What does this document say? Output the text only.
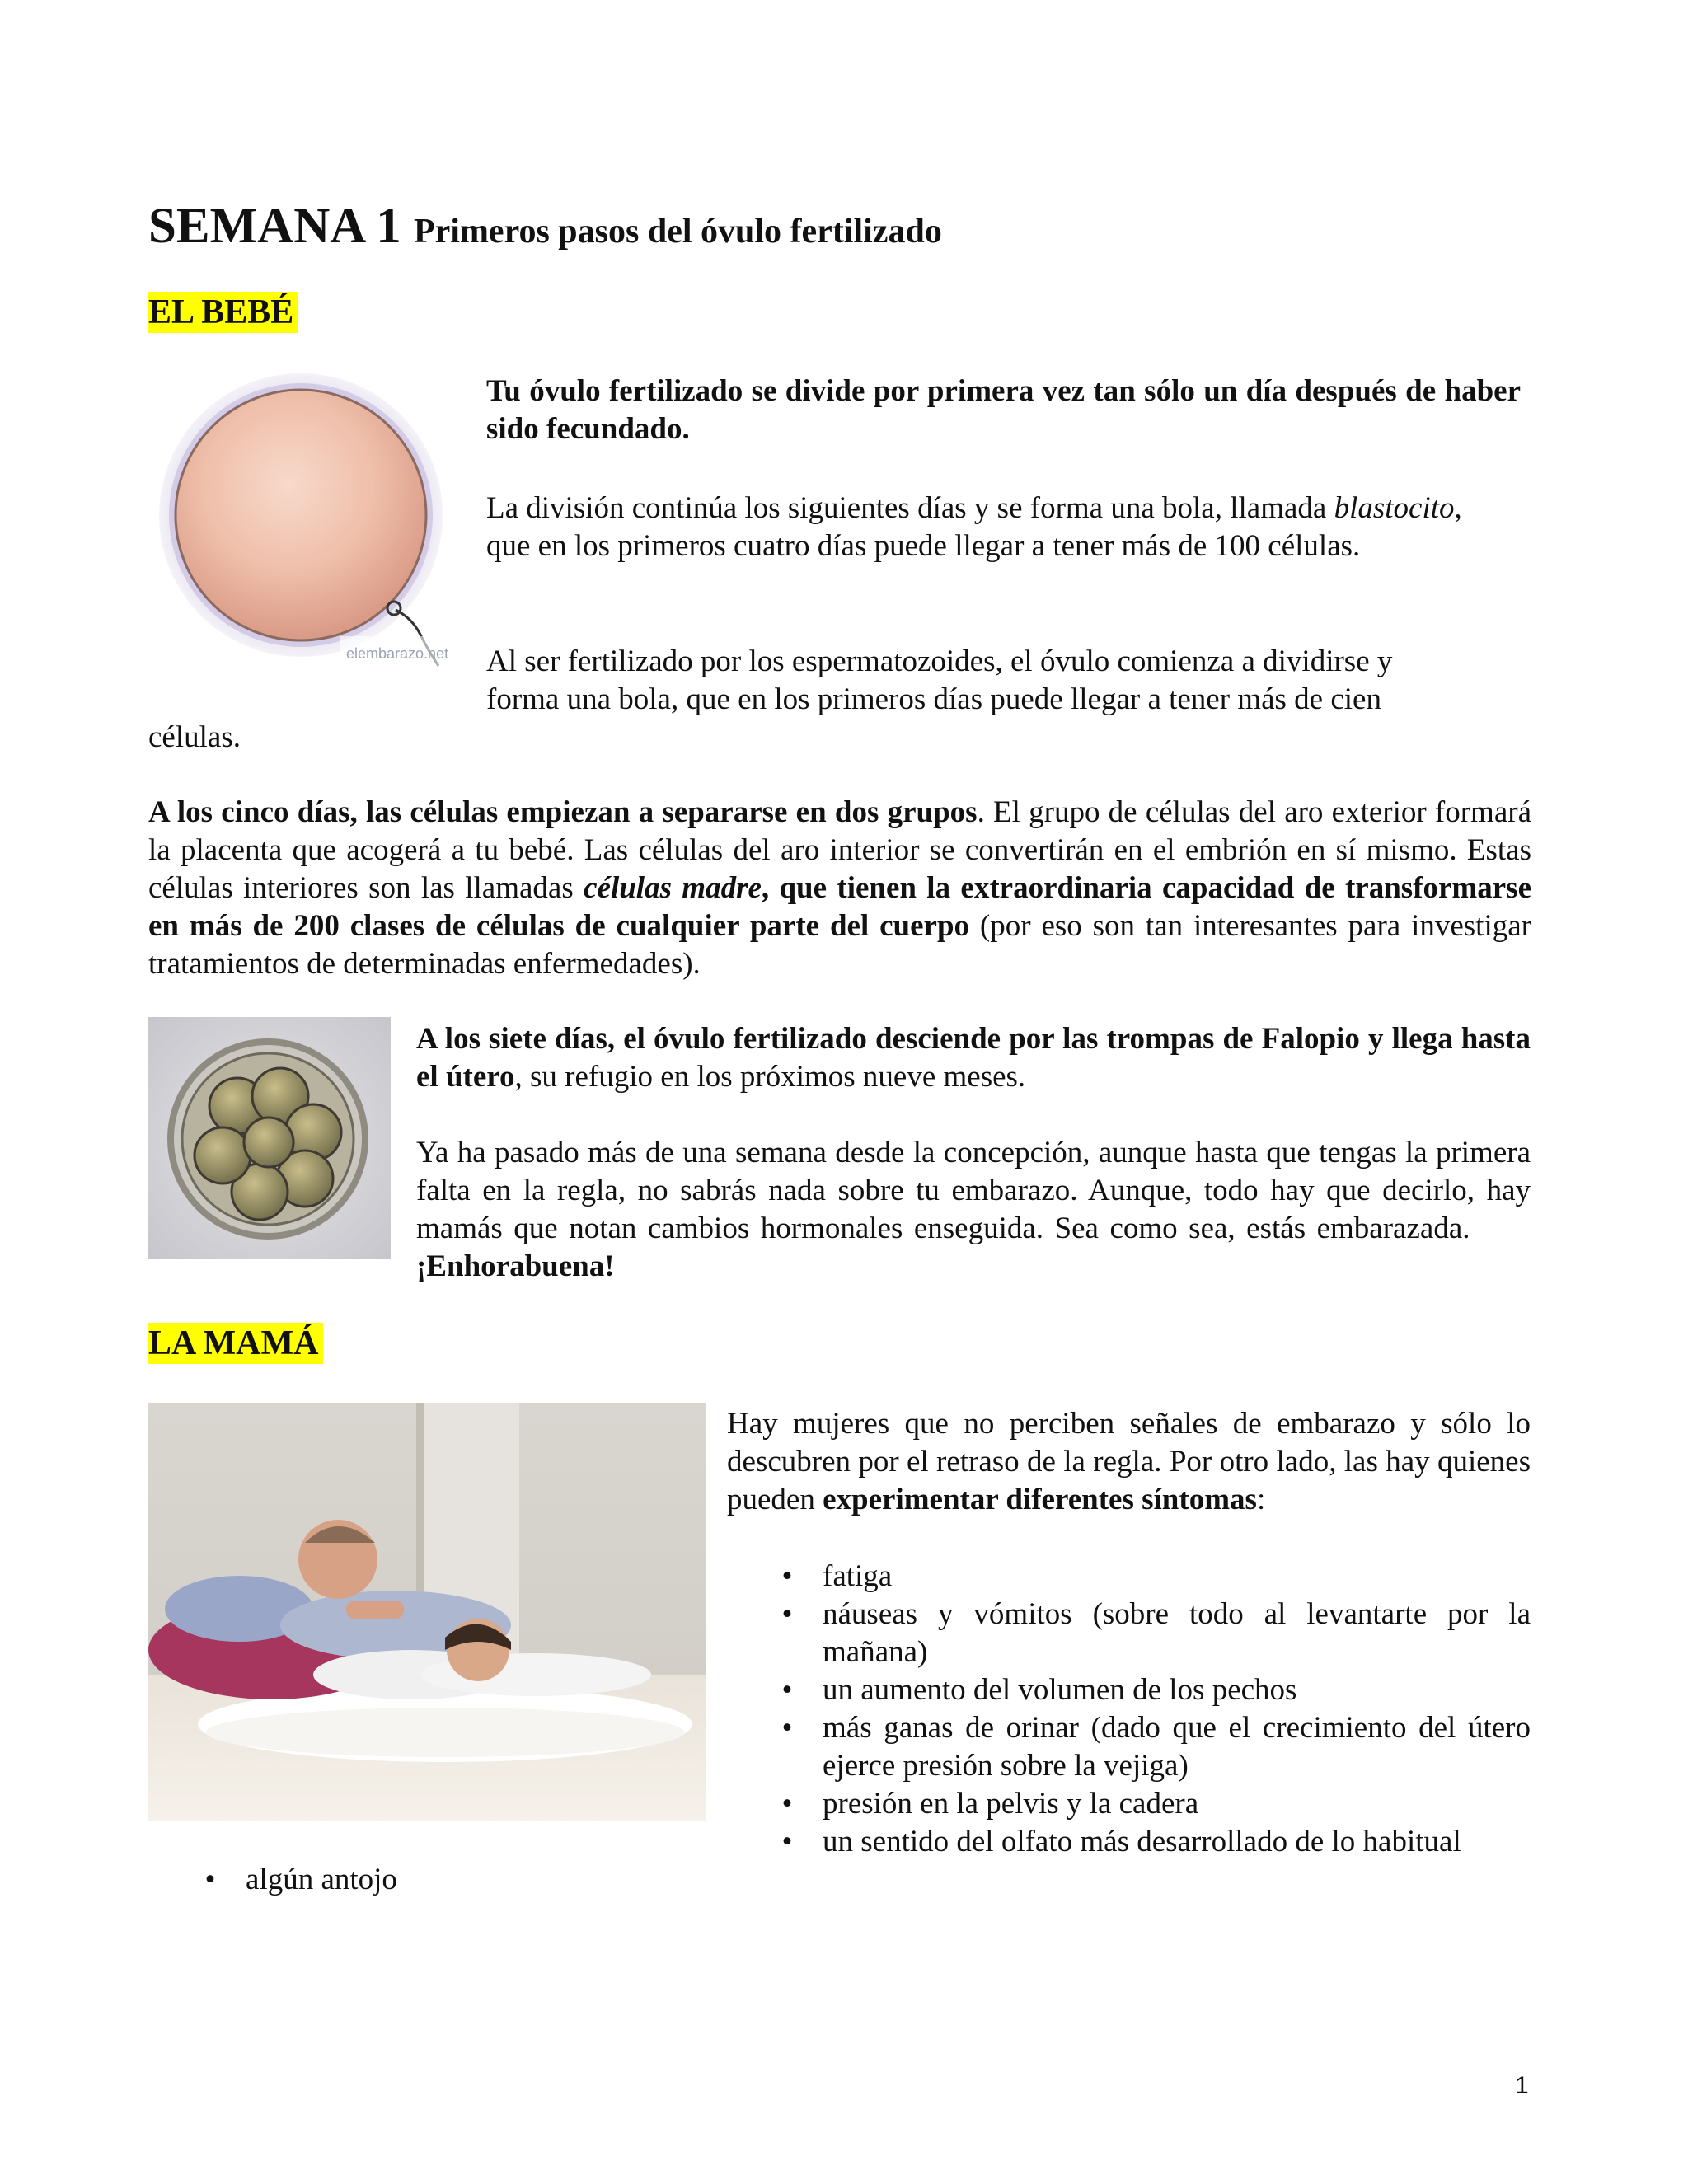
SEMANA 1 Primeros pasos del óvulo fertilizado
EL BEBÉ
elembarazo.net
Tu óvulo fertilizado se divide por primera vez tan sólo un día después de haber sido fecundado.
La división continúa los siguientes días y se forma una bola, llamada blastocito, que en los primeros cuatro días puede llegar a tener más de 100 células.
Al ser fertilizado por los espermatozoides, el óvulo comienza a dividirse y
forma una bola, que en los primeros días puede llegar a tener más de cien
células.
A los cinco días, las células empiezan a separarse en dos grupos. El grupo de células del aro exterior formará la placenta que acogerá a tu bebé. Las células del aro interior se convertirán en el embrión en sí mismo. Estas células interiores son las llamadas células madre, que tienen la extraordinaria capacidad de transformarse en más de 200 clases de células de cualquier parte del cuerpo (por eso son tan interesantes para investigar tratamientos de determinadas enfermedades).
A los siete días, el óvulo fertilizado desciende por las trompas de Falopio y llega hasta el útero, su refugio en los próximos nueve meses.
Ya ha pasado más de una semana desde la concepción, aunque hasta que tengas la primera falta en la regla, no sabrás nada sobre tu embarazo. Aunque, todo hay que decirlo, hay mamás que notan cambios hormonales enseguida. Sea como sea, estás embarazada. ¡Enhorabuena!
LA MAMÁ
Hay mujeres que no perciben señales de embarazo y sólo lo descubren por el retraso de la regla. Por otro lado, las hay quienes pueden experimentar diferentes síntomas:
• fatiga
• náuseas y vómitos (sobre todo al levantarte por la mañana)
• un aumento del volumen de los pechos
• más ganas de orinar (dado que el crecimiento del útero ejerce presión sobre la vejiga)
• presión en la pelvis y la cadera
• un sentido del olfato más desarrollado de lo habitual
• algún antojo
1
